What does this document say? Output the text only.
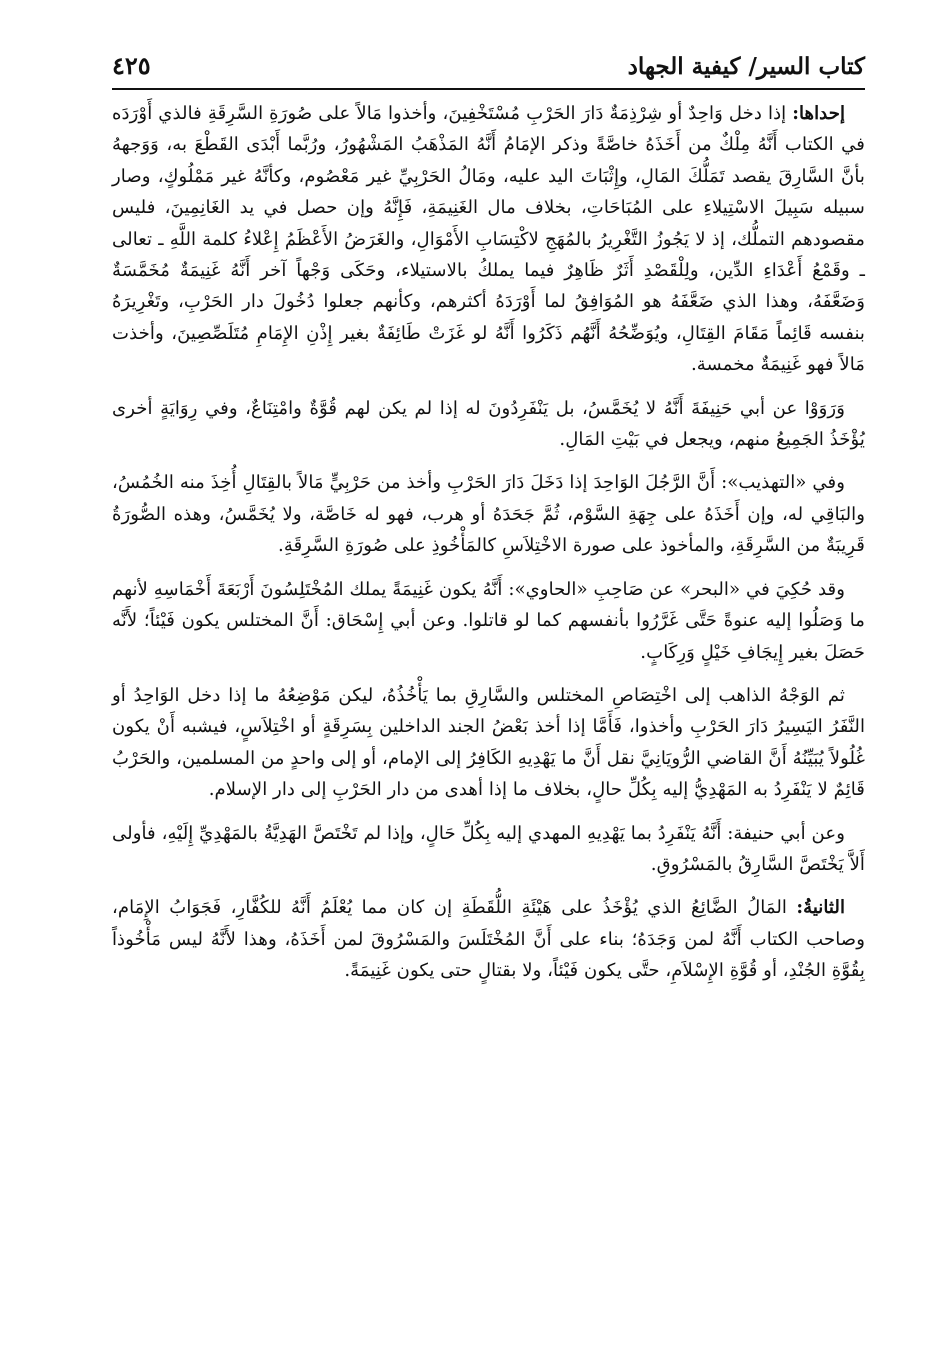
كتاب السير/ كيفية الجهاد
٤٢٥

إحداها: إذا دخل وَاحِدٌ أو شِرْذِمَةٌ دَارَ الحَرْبِ مُسْتَخْفِينَ، وأخذوا مَالاً على صُورَةِ السَّرِقَةِ فالذي أَوْرَدَه في الكتاب أَنَّهُ مِلْكٌ من أَخَذَهُ خاصَّةً وذكر الإمَامُ أَنَّهُ المَذْهَبُ المَشْهُورُ، ورُبَّما أَبْدَى القَطْعَ به، وَوَجههُ بأنَّ السَّارِقَ يقصد تَمَلُّكَ المَالِ، وإِثْبَاتَ اليد عليه، ومَالُ الحَرْبِيِّ غير مَعْصُوم، وكأنَّهُ غير مَمْلُوكٍ، وصار سبيله سَبِيلَ الاسْتِيلاءِ على المُبَاحَاتِ، بخلاف مال الغَنِيمَةِ، فَإِنَّهُ وإن حصل في يد الغَانِمِينَ، فليس مقصودهم التملُّك، إذ لا يَجُوزُ التَّغْرِيرُ بالمُهَجِ لاكْتِسَابِ الأَمْوَالِ، والغَرَضُ الأَعْظَمُ إِعْلاءُ كلمة اللَّهِ ـ تعالى ـ وقَمْعُ أَعْدَاءِ الدِّين، ولِلْقَصْدِ أَثَرٌ ظَاهِرٌ فيما يملكُ بالاستيلاء، وحَكَى وَجْهاً آخر أَنَّهُ غَنِيمَةٌ مُخَمَّسَةٌ وَضَعَّفَهُ، وهذا الذي ضَعَّفَهُ هو المُوَافِقُ لما أَوْرَدَهُ أكثرهم، وكأنهم جعلوا دُخُولَ دار الحَرْبِ، وتَغْرِيرَهُ بنفسه قَائِماً مَقَامَ القِتَالِ، ويُوَضِّحُهُ أَنَّهُم ذَكَرُوا أَنَّهُ لو غَزَتْ طَائِفَةٌ بغير إِذْنِ الإِمَامِ مُتَلَصِّصِينَ، وأخذت مَالاً فهو غَنِيمَةٌ مخمسة.

وَرَوَوْا عن أبي حَنِيفَةَ أَنَّهُ لا يُخَمَّسُ، بل يَنْفَرِدُونَ له إذا لم يكن لهم قُوَّةٌ وامْتِنَاعٌ، وفي رِوَايَةٍ أخرى يُؤْخَذُ الجَمِيعُ منهم، ويجعل في بَيْتِ المَالِ.

وفي «التهذيب»: أَنَّ الرَّجُلَ الوَاحِدَ إذا دَخَلَ دَارَ الحَرْبِ وأخذ من حَرْبِيٍّ مَالاً بالقِتَالِ أُخِذَ منه الخُمُسُ، والبَاقِي له، وإن أَخَذَهُ على جِهَةِ السَّوْم، ثُمَّ جَحَدَهُ أو هرب، فهو له خَاصَّة، ولا يُخَمَّسُ، وهذه الصُّورَةُ قَرِيبَةٌ من السَّرِقَةِ، والمأخوذ على صورة الاخْتِلاَسِ كالمَأْخُوذِ على صُورَةِ السَّرِقَةِ.

وقد حُكِيَ في «البحر» عن صَاحِبِ «الحاوي»: أَنَّهُ يكون غَنِيمَةً يملك المُخْتَلِسُونَ أَرْبَعَةَ أَخْمَاسِهِ لأنهم ما وَصَلُوا إليه عنوةً حَتَّى غَرَّرُوا بأنفسهم كما لو قاتلوا. وعن أبي إِسْحَاق: أَنَّ المختلس يكون فَيْئاً؛ لأَنَّه حَصَلَ بغير إِيجَافِ خَيْلٍ وَرِكَابٍ.

ثم الوَجْهُ الذاهب إلى اخْتِصَاصِ المختلس والسَّارِقِ بما يَأْخُذُهُ، ليكن مَوْضِعُهُ ما إذا دخل الوَاحِدُ أو النَّفَرُ اليَسِيرُ دَارَ الحَرْبِ وأخذوا، فَأَمَّا إذا أخذ بَعْضُ الجند الداخلين بِسَرِقَةٍ أو اخْتِلاَسٍ، فيشبه أَنْ يكون غُلُولاً يُبَيِّنُهُ أَنَّ القاضي الرُّويَانِيَّ نقل أَنَّ ما يَهْدِيهِ الكَافِرُ إلى الإمام، أو إلى واحدٍ من المسلمين، والحَرْبُ قَائِمٌ لا يَنْفَرِدُ به المَهْدِيُّ إليه بِكُلِّ حالٍ، بخلاف ما إذا أهدى من دار الحَرْبِ إلى دار الإسلام.

وعن أبي حنيفة: أَنَّهُ يَنْفَرِدُ بما يَهْدِيهِ المهدي إليه بِكُلِّ حَالٍ، وإذا لم تَخْتَصَّ الهَدِيَّةُ بالمَهْدِيِّ إِلَيْهِ، فأولى أَلاَّ يَخْتَصَّ السَّارِقُ بالمَسْرُوقِ.

الثانيةُ: المَالُ الضَّائِعُ الذي يُؤْخَذُ على هَيْئَةِ اللُّقَطَةِ إن كان مما يُعْلَمُ أَنَّهُ للكُفَّارِ، فَجَوَابُ الإِمَام، وصاحب الكتاب أَنَّهُ لمن وَجَدَهُ؛ بناء على أَنَّ المُخْتَلَسَ والمَسْرُوقَ لمن أَخَذَهُ، وهذا لأَنَّهُ ليس مَأْخُوذاً بِقُوَّةِ الجُنْدِ، أو قُوَّةِ الإِسْلاَمِ، حتَّى يكون فَيْئاً، ولا بقتالٍ حتى يكون غَنِيمَةً.
